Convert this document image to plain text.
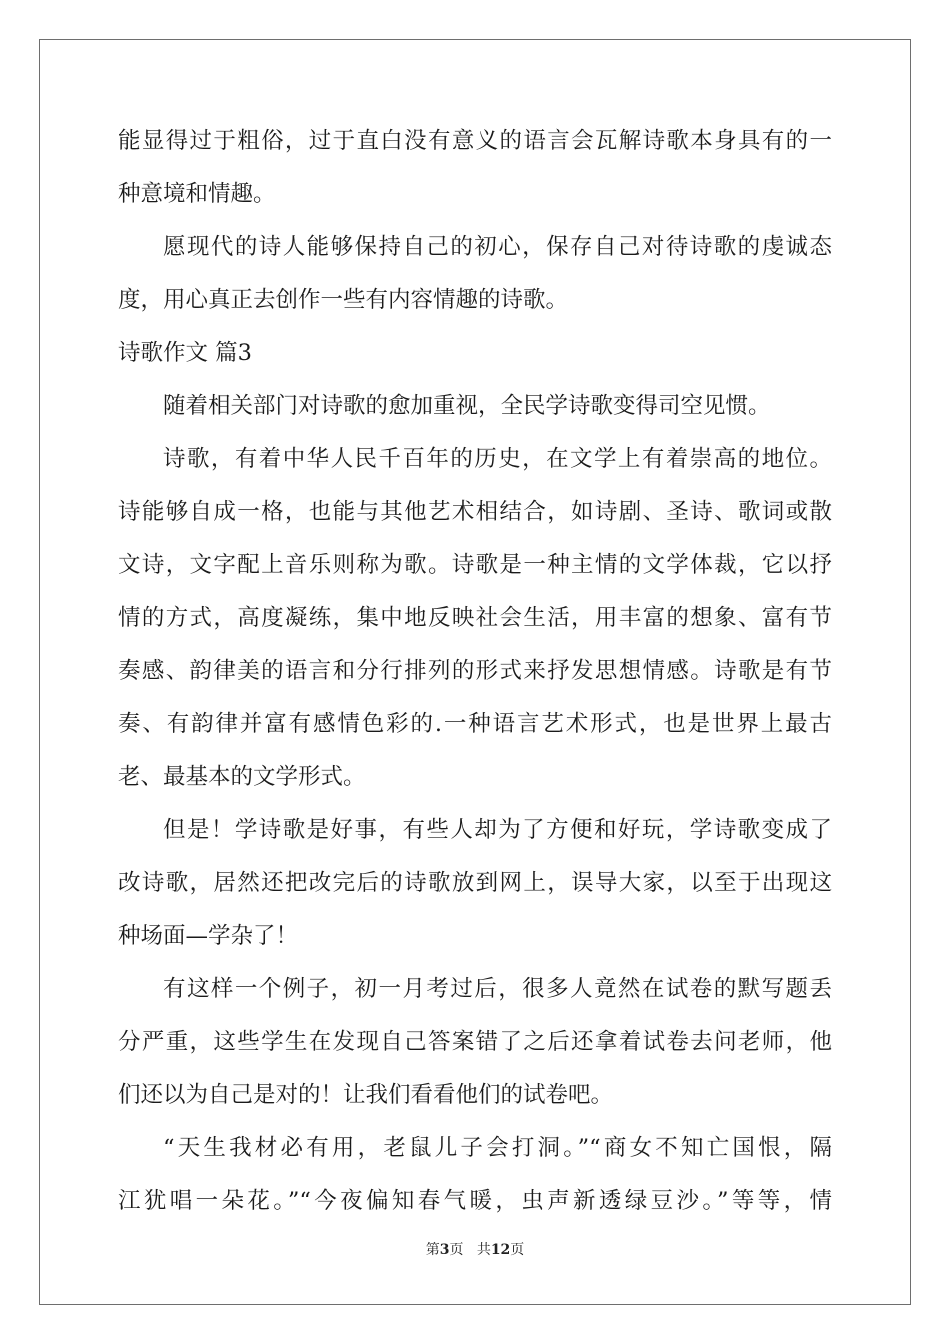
能显得过于粗俗，过于直白没有意义的语言会瓦解诗歌本身具有的一
种意境和情趣。
愿现代的诗人能够保持自己的初心，保存自己对待诗歌的虔诚态
度，用心真正去创作一些有内容情趣的诗歌。
诗歌作文 篇3
随着相关部门对诗歌的愈加重视，全民学诗歌变得司空见惯。
诗歌，有着中华人民千百年的历史，在文学上有着崇高的地位。
诗能够自成一格，也能与其他艺术相结合，如诗剧、圣诗、歌词或散
文诗，文字配上音乐则称为歌。诗歌是一种主情的文学体裁，它以抒
情的方式，高度凝练，集中地反映社会生活，用丰富的想象、富有节
奏感、韵律美的语言和分行排列的形式来抒发思想情感。诗歌是有节
奏、有韵律并富有感情色彩的.一种语言艺术形式，也是世界上最古
老、最基本的文学形式。
但是！学诗歌是好事，有些人却为了方便和好玩，学诗歌变成了
改诗歌，居然还把改完后的诗歌放到网上，误导大家，以至于出现这
种场面—学杂了！
有这样一个例子，初一月考过后，很多人竟然在试卷的默写题丢
分严重，这些学生在发现自己答案错了之后还拿着试卷去问老师，他
们还以为自己是对的！让我们看看他们的试卷吧。
“天生我材必有用，老鼠儿子会打洞。”“商女不知亡国恨，隔
江犹唱一朵花。”“今夜偏知春气暖，虫声新透绿豆沙。”等等，情
第3页 共12页
